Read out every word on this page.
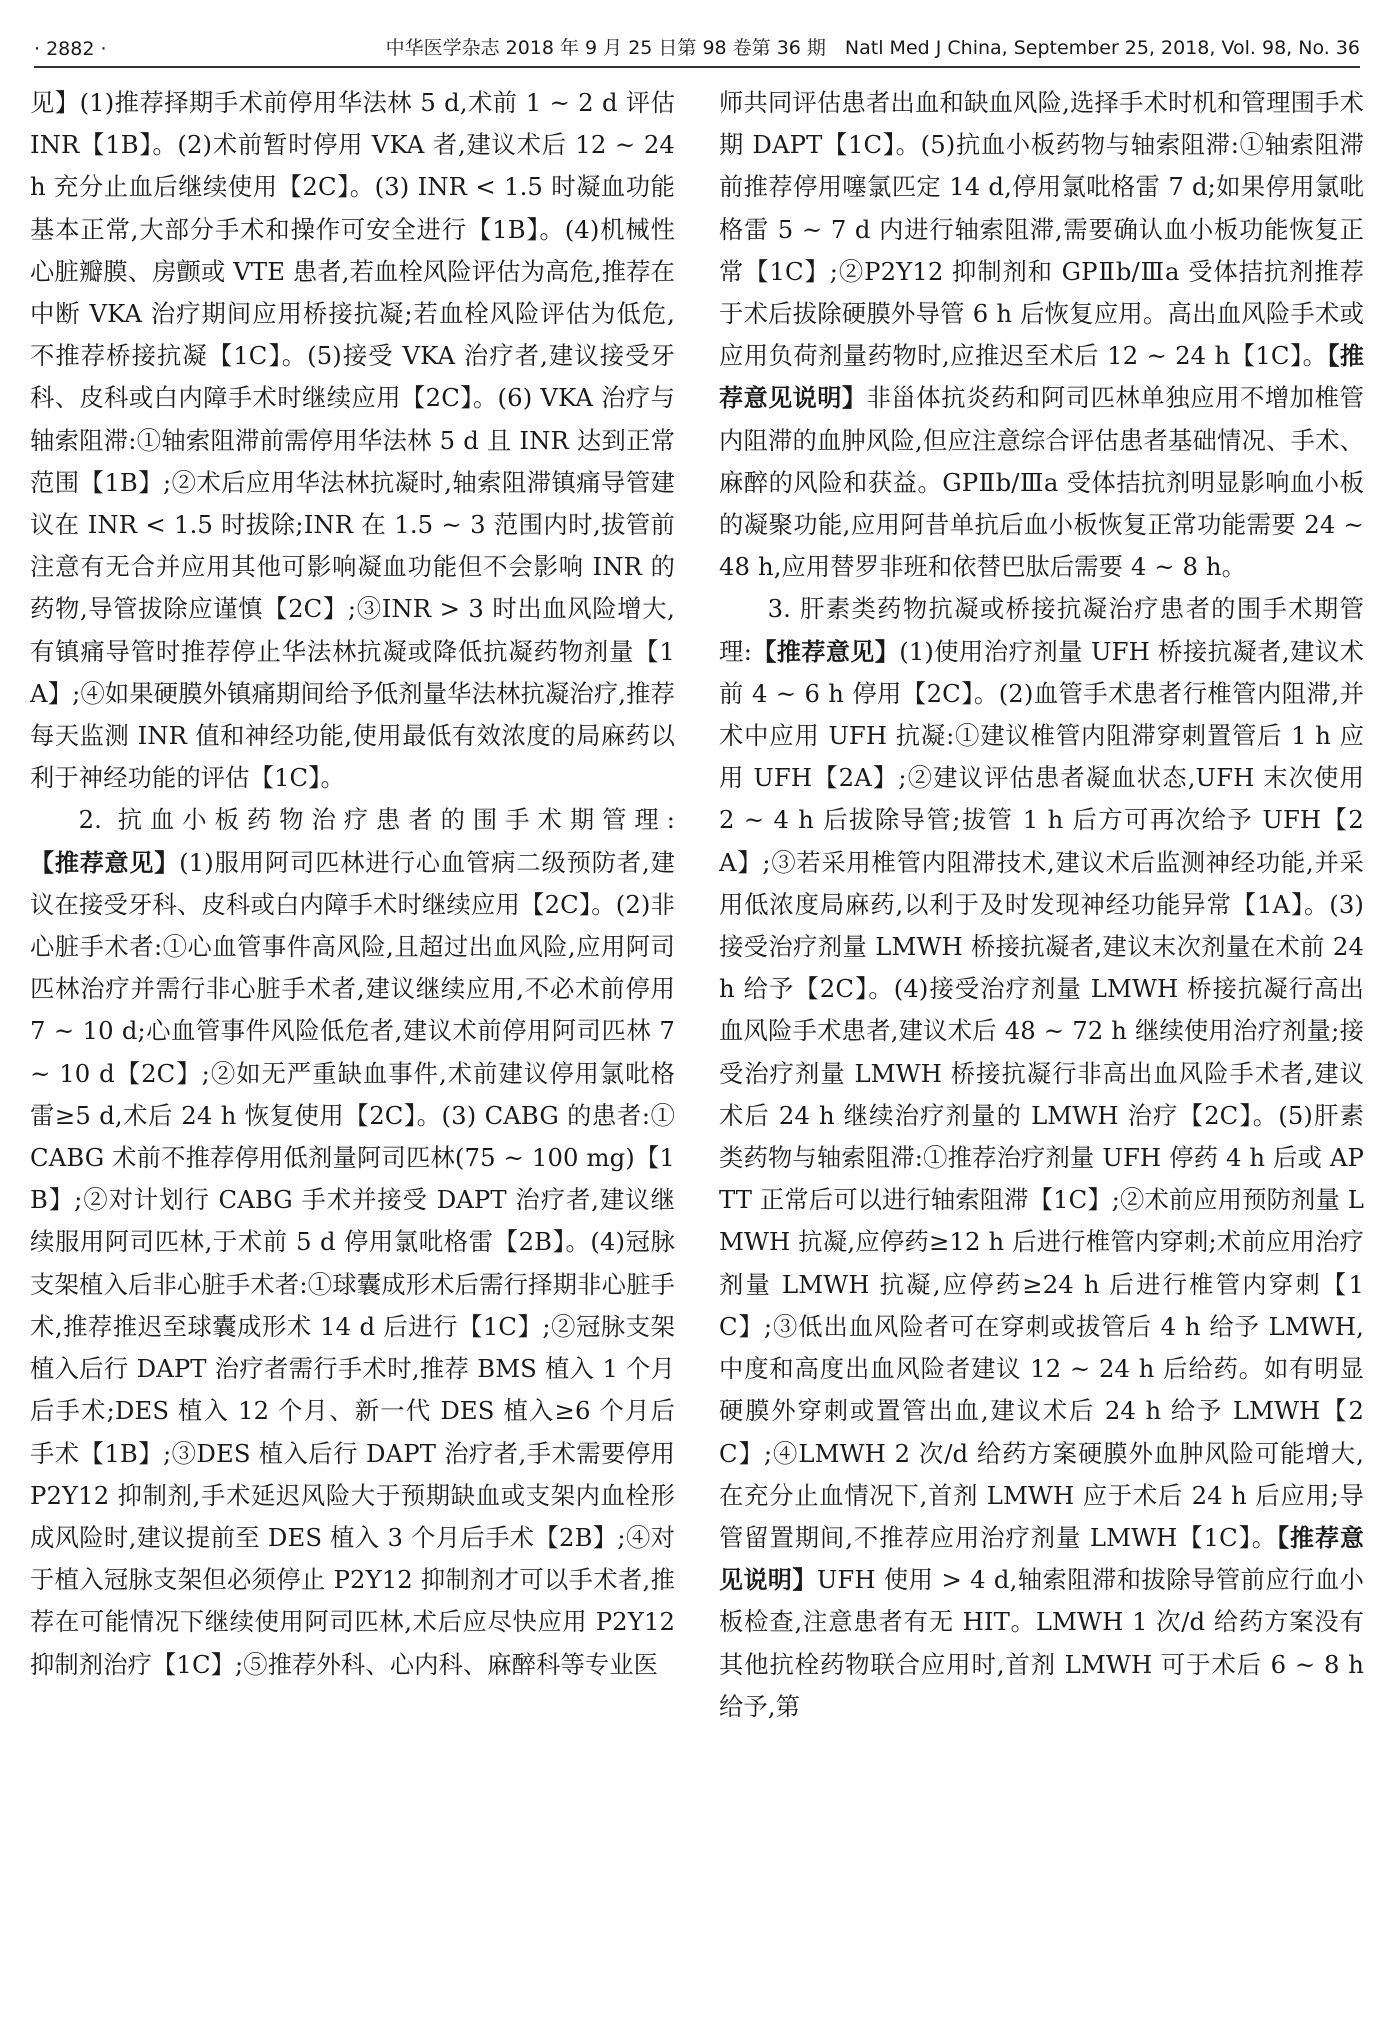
· 2882 ·	中华医学杂志 2018 年 9 月 25 日第 98 卷第 36 期　Natl Med J China, September 25, 2018, Vol. 98, No. 36

见】(1)推荐择期手术前停用华法林 5 d,术前 1 ~ 2 d 评估 INR【1B】。(2)术前暂时停用 VKA 者,建议术后 12 ~ 24 h 充分止血后继续使用【2C】。(3) INR < 1.5 时凝血功能基本正常,大部分手术和操作可安全进行【1B】。(4)机械性心脏瓣膜、房颤或 VTE 患者,若血栓风险评估为高危,推荐在中断 VKA 治疗期间应用桥接抗凝;若血栓风险评估为低危,不推荐桥接抗凝【1C】。(5)接受 VKA 治疗者,建议接受牙科、皮科或白内障手术时继续应用【2C】。(6) VKA 治疗与轴索阻滞:①轴索阻滞前需停用华法林 5 d 且 INR 达到正常范围【1B】;②术后应用华法林抗凝时,轴索阻滞镇痛导管建议在 INR < 1.5 时拔除;INR 在 1.5 ~ 3 范围内时,拔管前注意有无合并应用其他可影响凝血功能但不会影响 INR 的药物,导管拔除应谨慎【2C】;③INR > 3 时出血风险增大,有镇痛导管时推荐停止华法林抗凝或降低抗凝药物剂量【1A】;④如果硬膜外镇痛期间给予低剂量华法林抗凝治疗,推荐每天监测 INR 值和神经功能,使用最低有效浓度的局麻药以利于神经功能的评估【1C】。

2. 抗血小板药物治疗患者的围手术期管理:【推荐意见】(1)服用阿司匹林进行心血管病二级预防者,建议在接受牙科、皮科或白内障手术时继续应用【2C】。(2)非心脏手术者:①心血管事件高风险,且超过出血风险,应用阿司匹林治疗并需行非心脏手术者,建议继续应用,不必术前停用 7 ~ 10 d;心血管事件风险低危者,建议术前停用阿司匹林 7 ~ 10 d【2C】;②如无严重缺血事件,术前建议停用氯吡格雷≥5 d,术后 24 h 恢复使用【2C】。(3) CABG 的患者:①CABG 术前不推荐停用低剂量阿司匹林(75 ~ 100 mg)【1B】;②对计划行 CABG 手术并接受 DAPT 治疗者,建议继续服用阿司匹林,于术前 5 d 停用氯吡格雷【2B】。(4)冠脉支架植入后非心脏手术者:①球囊成形术后需行择期非心脏手术,推荐推迟至球囊成形术 14 d 后进行【1C】;②冠脉支架植入后行 DAPT 治疗者需行手术时,推荐 BMS 植入 1 个月后手术;DES 植入 12 个月、新一代 DES 植入≥6 个月后手术【1B】;③DES 植入后行 DAPT 治疗者,手术需要停用 P2Y12 抑制剂,手术延迟风险大于预期缺血或支架内血栓形成风险时,建议提前至 DES 植入 3 个月后手术【2B】;④对于植入冠脉支架但必须停止 P2Y12 抑制剂才可以手术者,推荐在可能情况下继续使用阿司匹林,术后应尽快应用 P2Y12 抑制剂治疗【1C】;⑤推荐外科、心内科、麻醉科等专业医

师共同评估患者出血和缺血风险,选择手术时机和管理围手术期 DAPT【1C】。(5)抗血小板药物与轴索阻滞:①轴索阻滞前推荐停用噻氯匹定 14 d,停用氯吡格雷 7 d;如果停用氯吡格雷 5 ~ 7 d 内进行轴索阻滞,需要确认血小板功能恢复正常【1C】;②P2Y12 抑制剂和 GPⅡb/Ⅲa 受体拮抗剂推荐于术后拔除硬膜外导管 6 h 后恢复应用。高出血风险手术或应用负荷剂量药物时,应推迟至术后 12 ~ 24 h【1C】。【推荐意见说明】非甾体抗炎药和阿司匹林单独应用不增加椎管内阻滞的血肿风险,但应注意综合评估患者基础情况、手术、麻醉的风险和获益。GPⅡb/Ⅲa 受体拮抗剂明显影响血小板的凝聚功能,应用阿昔单抗后血小板恢复正常功能需要 24 ~ 48 h,应用替罗非班和依替巴肽后需要 4 ~ 8 h。

3. 肝素类药物抗凝或桥接抗凝治疗患者的围手术期管理:【推荐意见】(1)使用治疗剂量 UFH 桥接抗凝者,建议术前 4 ~ 6 h 停用【2C】。(2)血管手术患者行椎管内阻滞,并术中应用 UFH 抗凝:①建议椎管内阻滞穿刺置管后 1 h 应用 UFH【2A】;②建议评估患者凝血状态,UFH 末次使用 2 ~ 4 h 后拔除导管;拔管 1 h 后方可再次给予 UFH【2A】;③若采用椎管内阻滞技术,建议术后监测神经功能,并采用低浓度局麻药,以利于及时发现神经功能异常【1A】。(3)接受治疗剂量 LMWH 桥接抗凝者,建议末次剂量在术前 24 h 给予【2C】。(4)接受治疗剂量 LMWH 桥接抗凝行高出血风险手术患者,建议术后 48 ~ 72 h 继续使用治疗剂量;接受治疗剂量 LMWH 桥接抗凝行非高出血风险手术者,建议术后 24 h 继续治疗剂量的 LMWH 治疗【2C】。(5)肝素类药物与轴索阻滞:①推荐治疗剂量 UFH 停药 4 h 后或 APTT 正常后可以进行轴索阻滞【1C】;②术前应用预防剂量 LMWH 抗凝,应停药≥12 h 后进行椎管内穿刺;术前应用治疗剂量 LMWH 抗凝,应停药≥24 h 后进行椎管内穿刺【1C】;③低出血风险者可在穿刺或拔管后 4 h 给予 LMWH,中度和高度出血风险者建议 12 ~ 24 h 后给药。如有明显硬膜外穿刺或置管出血,建议术后 24 h 给予 LMWH【2C】;④LMWH 2 次/d 给药方案硬膜外血肿风险可能增大,在充分止血情况下,首剂 LMWH 应于术后 24 h 后应用;导管留置期间,不推荐应用治疗剂量 LMWH【1C】。【推荐意见说明】UFH 使用 > 4 d,轴索阻滞和拔除导管前应行血小板检查,注意患者有无 HIT。LMWH 1 次/d 给药方案没有其他抗栓药物联合应用时,首剂 LMWH 可于术后 6 ~ 8 h 给予,第
